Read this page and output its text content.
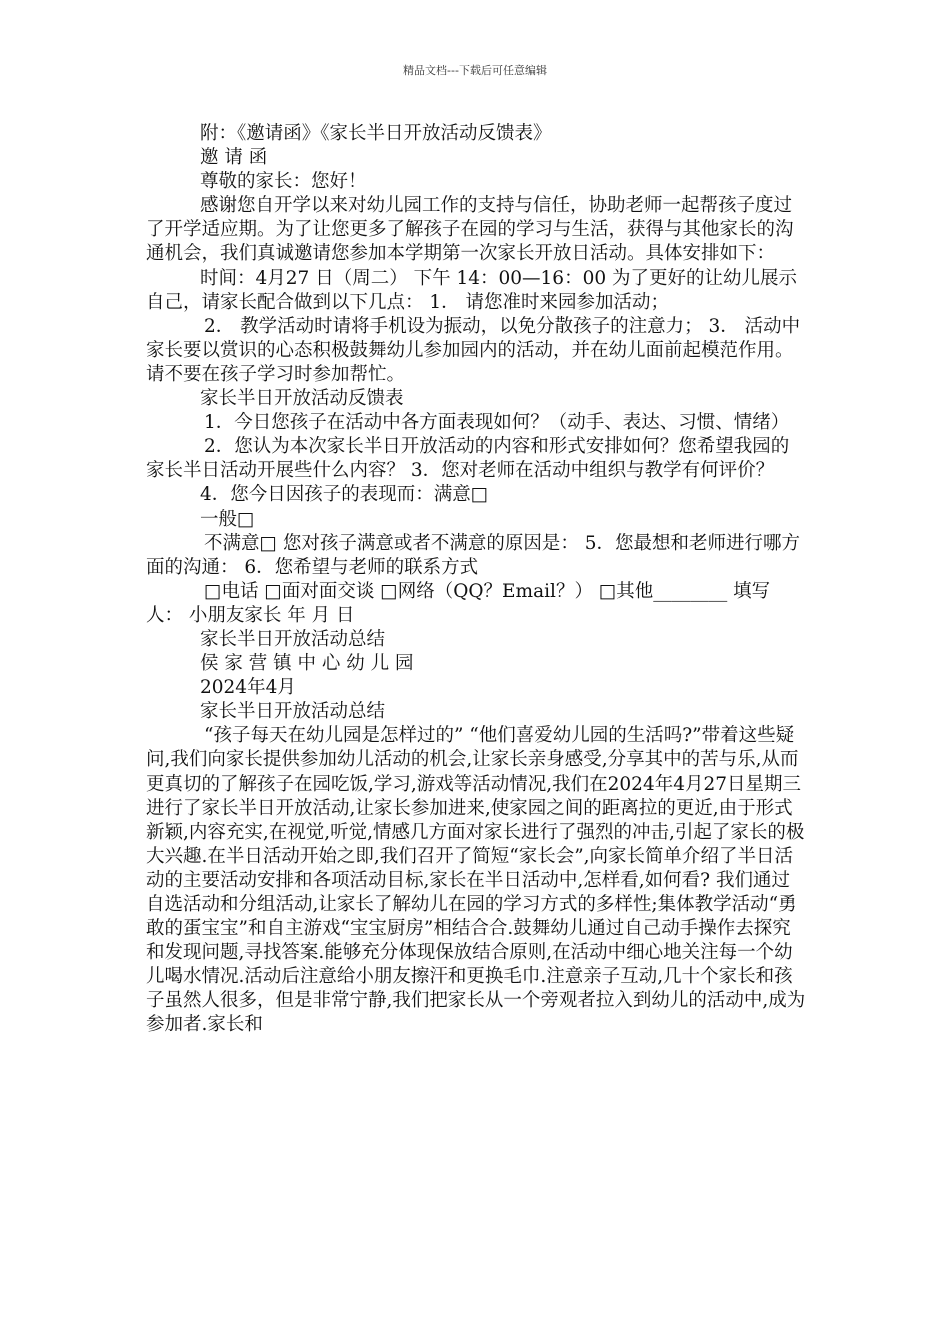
精品文档---下载后可任意编辑

附：《邀请函》《家长半日开放活动反馈表》

邀 请 函

尊敬的家长：您好！

感谢您自开学以来对幼儿园工作的支持与信任，协助老师一起帮孩子度过了开学适应期。为了让您更多了解孩子在园的学习与生活，获得与其他家长的沟通机会，我们真诚邀请您参加本学期第一次家长开放日活动。具体安排如下：

时间：4月27 日（周二） 下午 14：00—16：00 为了更好的让幼儿展示自己，请家长配合做到以下几点： 1． 请您准时来园参加活动；

2． 教学活动时请将手机设为振动，以免分散孩子的注意力； 3． 活动中家长要以赏识的心态积极鼓舞幼儿参加园内的活动，并在幼儿面前起模范作用。请不要在孩子学习时参加帮忙。

家长半日开放活动反馈表

1．今日您孩子在活动中各方面表现如何？（动手、表达、习惯、情绪）

2．您认为本次家长半日开放活动的内容和形式安排如何？您希望我园的家长半日活动开展些什么内容？ 3．您对老师在活动中组织与教学有何评价？

4．您今日因孩子的表现而：满意□

一般□

不满意□ 您对孩子满意或者不满意的原因是： 5．您最想和老师进行哪方面的沟通： 6．您希望与老师的联系方式

□电话 □面对面交谈 □网络（QQ？Email？） □其他________ 填写人： 小朋友家长 年 月 日

家长半日开放活动总结

侯 家 营 镇 中 心 幼 儿 园

2024年4月

家长半日开放活动总结

“孩子每天在幼儿园是怎样过的” “他们喜爱幼儿园的生活吗?”带着这些疑问,我们向家长提供参加幼儿活动的机会,让家长亲身感受,分享其中的苦与乐,从而更真切的了解孩子在园吃饭,学习,游戏等活动情况,我们在2024年4月27日星期三进行了家长半日开放活动,让家长参加进来,使家园之间的距离拉的更近,由于形式新颖,内容充实,在视觉,听觉,情感几方面对家长进行了强烈的冲击,引起了家长的极大兴趣.在半日活动开始之即,我们召开了简短“家长会”,向家长简单介绍了半日活动的主要活动安排和各项活动目标,家长在半日活动中,怎样看,如何看? 我们通过自选活动和分组活动,让家长了解幼儿在园的学习方式的多样性;集体教学活动“勇敢的蛋宝宝”和自主游戏“宝宝厨房”相结合合.鼓舞幼儿通过自己动手操作去探究和发现问题,寻找答案.能够充分体现保放结合原则,在活动中细心地关注每一个幼儿喝水情况.活动后注意给小朋友擦汗和更换毛巾.注意亲子互动,几十个家长和孩子虽然人很多，但是非常宁静,我们把家长从一个旁观者拉入到幼儿的活动中,成为参加者.家长和
